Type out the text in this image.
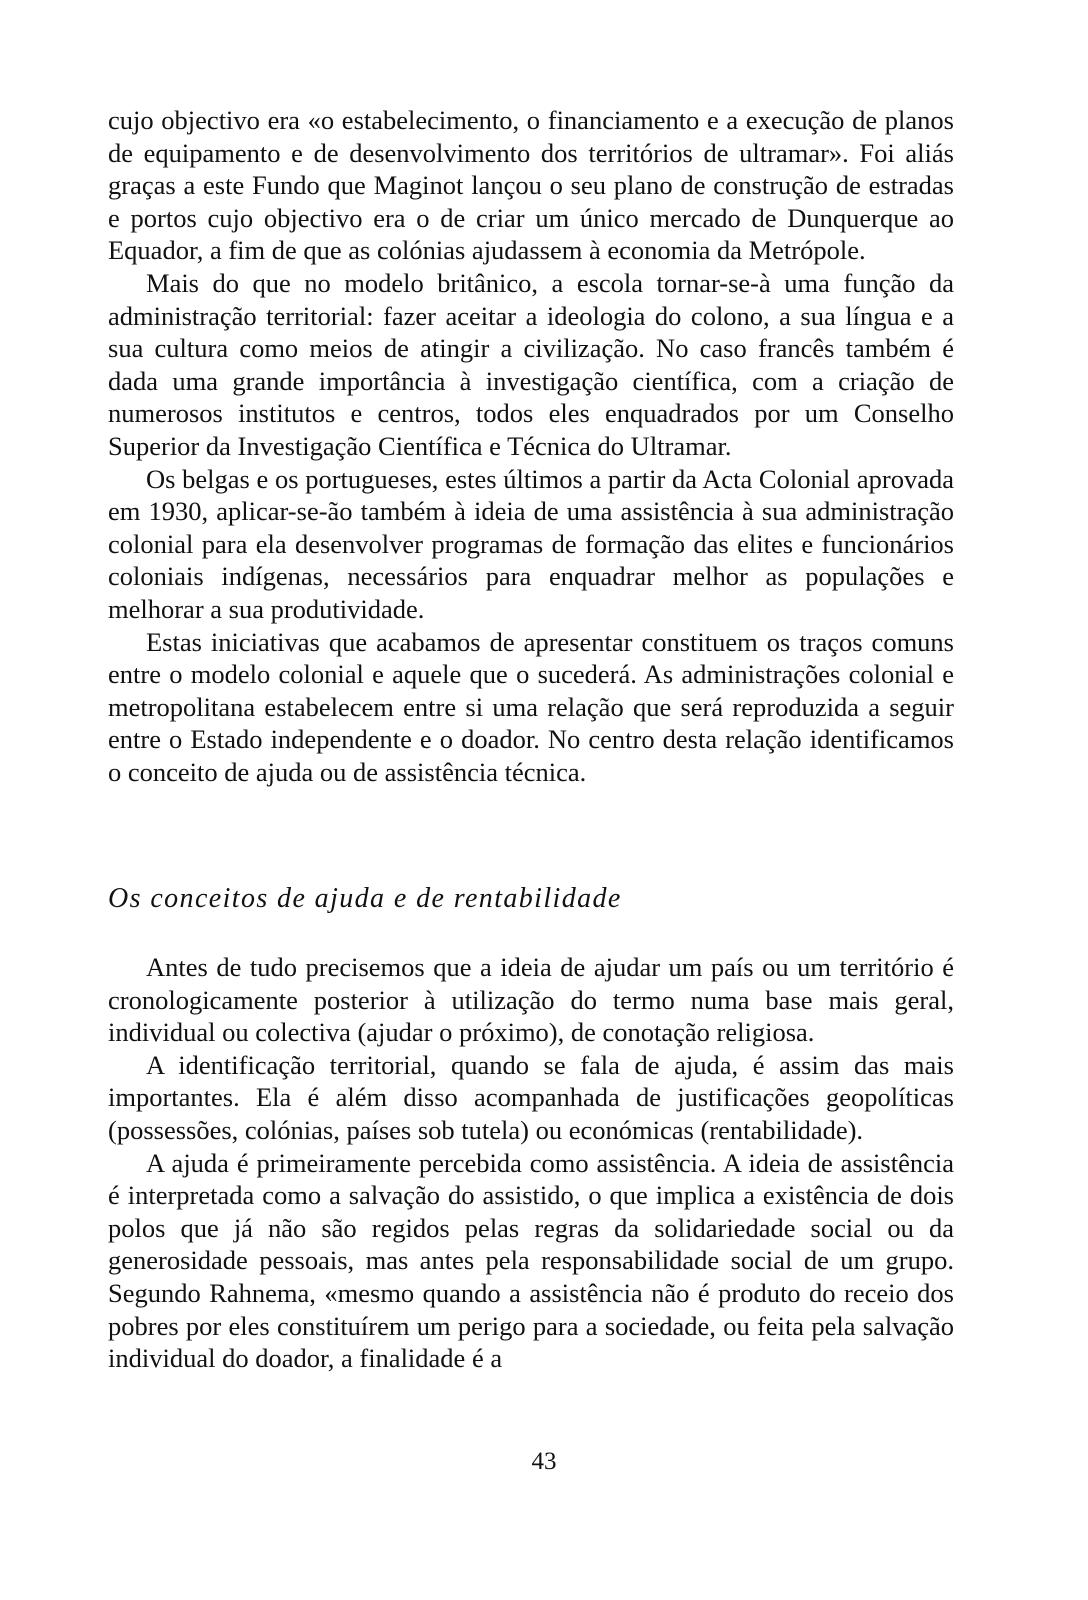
cujo objectivo era «o estabelecimento, o financiamento e a execução de planos de equipamento e de desenvolvimento dos territórios de ultramar». Foi aliás graças a este Fundo que Maginot lançou o seu plano de construção de estradas e portos cujo objectivo era o de criar um único mercado de Dunquerque ao Equador, a fim de que as colónias ajudassem à economia da Metrópole.

Mais do que no modelo britânico, a escola tornar-se-à uma função da administração territorial: fazer aceitar a ideologia do colono, a sua língua e a sua cultura como meios de atingir a civilização. No caso francês também é dada uma grande importância à investigação científica, com a criação de numerosos institutos e centros, todos eles enquadrados por um Conselho Superior da Investigação Científica e Técnica do Ultramar.

Os belgas e os portugueses, estes últimos a partir da Acta Colonial aprovada em 1930, aplicar-se-ão também à ideia de uma assistência à sua administração colonial para ela desenvolver programas de formação das elites e funcionários coloniais indígenas, necessários para enquadrar melhor as populações e melhorar a sua produtividade.

Estas iniciativas que acabamos de apresentar constituem os traços comuns entre o modelo colonial e aquele que o sucederá. As administrações colonial e metropolitana estabelecem entre si uma relação que será reproduzida a seguir entre o Estado independente e o doador. No centro desta relação identificamos o conceito de ajuda ou de assistência técnica.

Os conceitos de ajuda e de rentabilidade

Antes de tudo precisemos que a ideia de ajudar um país ou um território é cronologicamente posterior à utilização do termo numa base mais geral, individual ou colectiva (ajudar o próximo), de conotação religiosa.

A identificação territorial, quando se fala de ajuda, é assim das mais importantes. Ela é além disso acompanhada de justificações geopolíticas (possessões, colónias, países sob tutela) ou económicas (rentabilidade).

A ajuda é primeiramente percebida como assistência. A ideia de assistência é interpretada como a salvação do assistido, o que implica a existência de dois polos que já não são regidos pelas regras da solidariedade social ou da generosidade pessoais, mas antes pela responsabilidade social de um grupo. Segundo Rahnema, «mesmo quando a assistência não é produto do receio dos pobres por eles constituírem um perigo para a sociedade, ou feita pela salvação individual do doador, a finalidade é a

43
